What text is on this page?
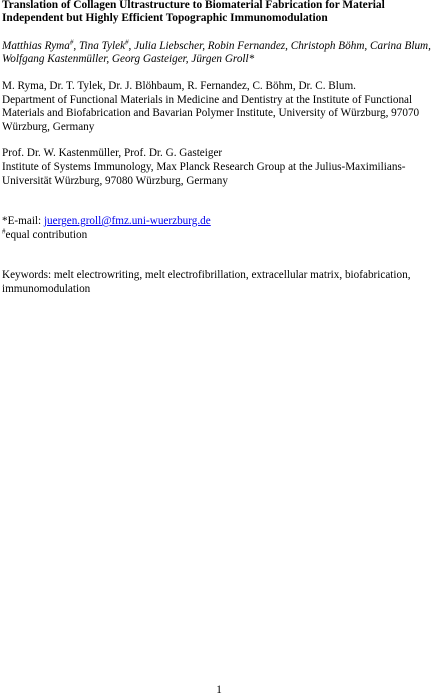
Translation of Collagen Ultrastructure to Biomaterial Fabrication for Material Independent but Highly Efficient Topographic Immunomodulation

Matthias Ryma#, Tina Tylek#, Julia Liebscher, Robin Fernandez, Christoph Böhm, Carina Blum, Wolfgang Kastenmüller, Georg Gasteiger, Jürgen Groll*

M. Ryma, Dr. T. Tylek, Dr. J. Blöhbaum, R. Fernandez, C. Böhm, Dr. C. Blum.

Department of Functional Materials in Medicine and Dentistry at the Institute of Functional Materials and Biofabrication and Bavarian Polymer Institute, University of Würzburg, 97070 Würzburg, Germany

Prof. Dr. W. Kastenmüller, Prof. Dr. G. Gasteiger

Institute of Systems Immunology, Max Planck Research Group at the Julius-Maximilians-Universität Würzburg, 97080 Würzburg, Germany

*E-mail: juergen.groll@fmz.uni-wuerzburg.de

#equal contribution

Keywords: melt electrowriting, melt electrofibrillation, extracellular matrix, biofabrication, immunomodulation

1
